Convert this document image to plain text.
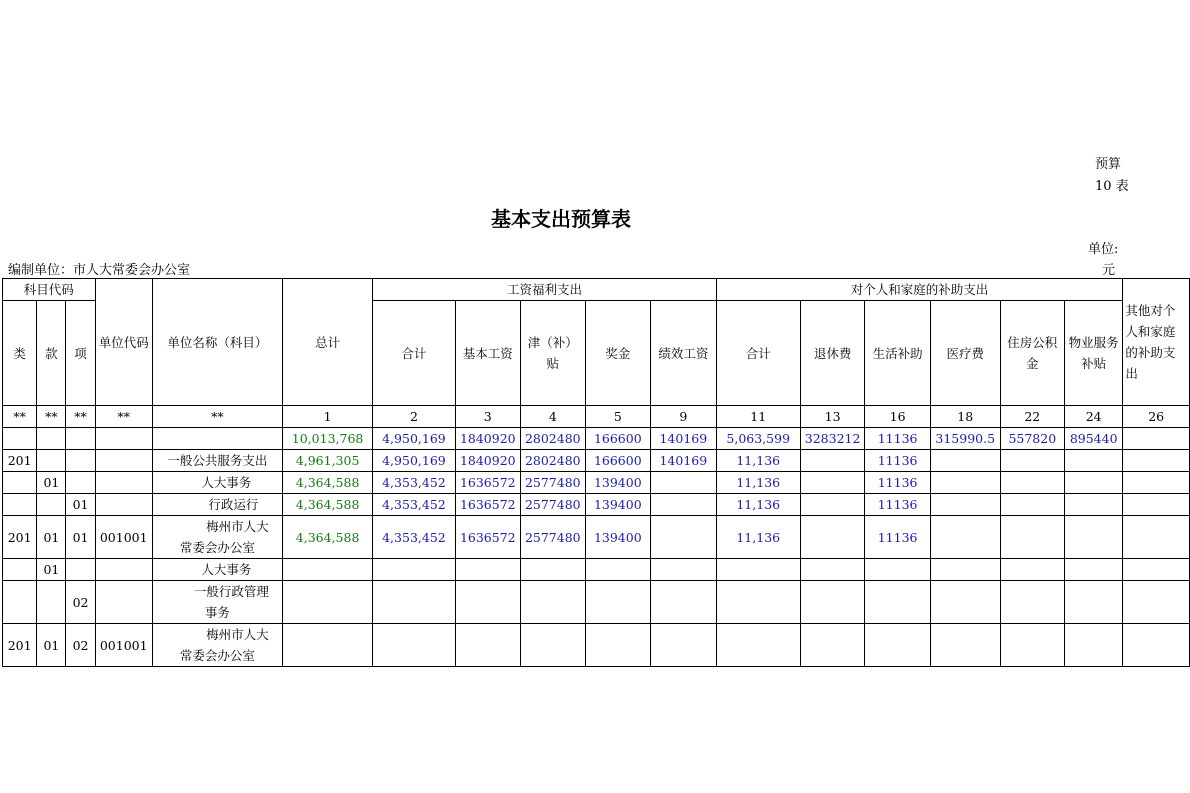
预算
10 表
基本支出预算表
单位:
元
编制单位：市人大常委会办公室
科目代码			单位代码	单位名称（科目）	总计	工资福利支出					对个人和家庭的补助支出						其他对个人和家庭的补助支出
类	款	项				合计	基本工资	津（补）贴	奖金	绩效工资	合计	退休费	生活补助	医疗费	住房公积金	物业服务补贴	
**	**	**	**	**	1	2	3	4	5	9	11	13	16	18	22	24	26
					10,013,768	4,950,169	1840920	2802480	166600	140169	5,063,599	3283212	11136	315990.5	557820	895440	
201				一般公共服务支出	4,961,305	4,950,169	1840920	2802480	166600	140169	11,136		11136				
	01			人大事务	4,364,588	4,353,452	1636572	2577480	139400		11,136		11136				
		01		行政运行	4,364,588	4,353,452	1636572	2577480	139400		11,136		11136				
201	01	01	001001	梅州市人大
常委会办公室	4,364,588	4,353,452	1636572	2577480	139400		11,136		11136				
	01			人大事务													
		02		一般行政管理
事务													

201	01	02	001001	梅州市人大
常委会办公室													
